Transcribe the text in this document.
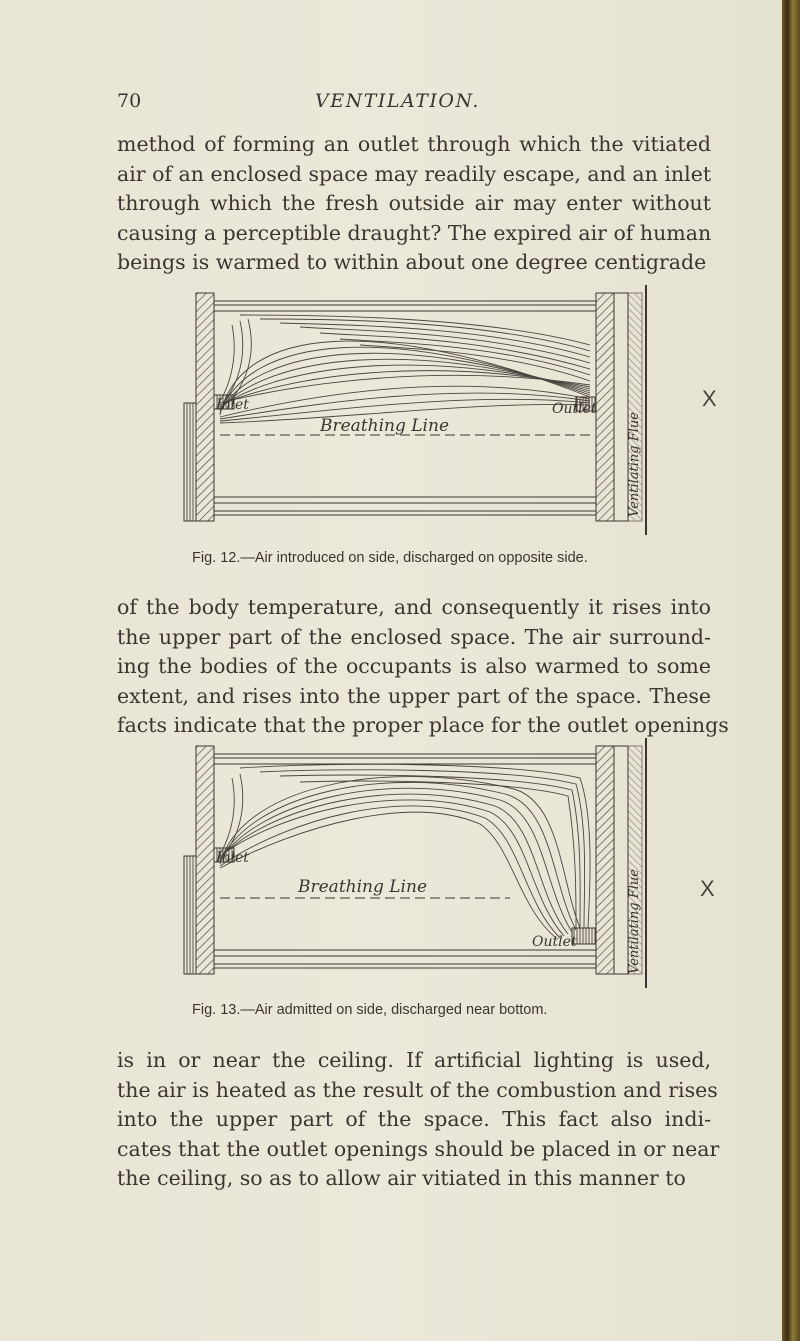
70	VENTILATION.

method of forming an outlet through which the vitiated
air of an enclosed space may readily escape, and an inlet
through which the fresh outside air may enter without
causing a perceptible draught? The expired air of human
beings is warmed to within about one degree centigrade

Inlet	Outlet
Breathing Line	Ventilating Flue
X
Fig. 12.—Air introduced on side, discharged on opposite side.

of the body temperature, and consequently it rises into
the upper part of the enclosed space. The air surround-
ing the bodies of the occupants is also warmed to some
extent, and rises into the upper part of the space. These
facts indicate that the proper place for the outlet openings

Inlet
Outlet
Breathing Line	Ventilating Flue	X
Fig. 13.—Air admitted on side, discharged near bottom.

is in or near the ceiling. If artificial lighting is used,
the air is heated as the result of the combustion and rises
into the upper part of the space. This fact also indi-
cates that the outlet openings should be placed in or near
the ceiling, so as to allow air vitiated in this manner to
